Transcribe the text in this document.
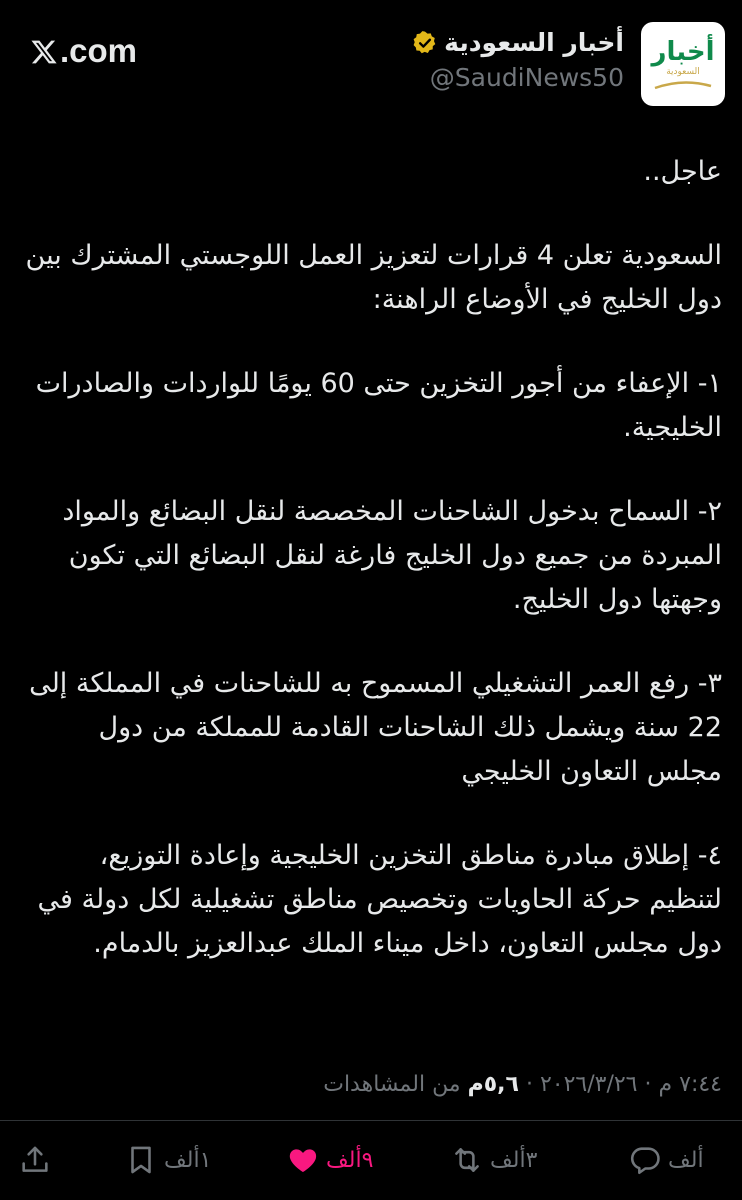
.com	أخبار السعودية
@SaudiNews50
أخبار
السعودية

عاجل..

السعودية تعلن 4 قرارات لتعزيز العمل اللوجستي المشترك بين دول الخليج في الأوضاع الراهنة:

١- الإعفاء من أجور التخزين حتى 60 يومًا للواردات والصادرات الخليجية.

٢- السماح بدخول الشاحنات المخصصة لنقل البضائع والمواد المبردة من جميع دول الخليج فارغة لنقل البضائع التي تكون وجهتها دول الخليج.

٣- رفع العمر التشغيلي المسموح به للشاحنات في المملكة إلى 22 سنة ويشمل ذلك الشاحنات القادمة للمملكة من دول مجلس التعاون الخليجي

٤- إطلاق مبادرة مناطق التخزين الخليجية وإعادة التوزيع، لتنظيم حركة الحاويات وتخصيص مناطق تشغيلية لكل دولة في دول مجلس التعاون، داخل ميناء الملك عبدالعزيز بالدمام.

٧:٤٤ م · ٢٠٢٦/٣/٢٦ · ٥,٦م من المشاهدات
ألف
٣ألف
٩ألف
١ألف
